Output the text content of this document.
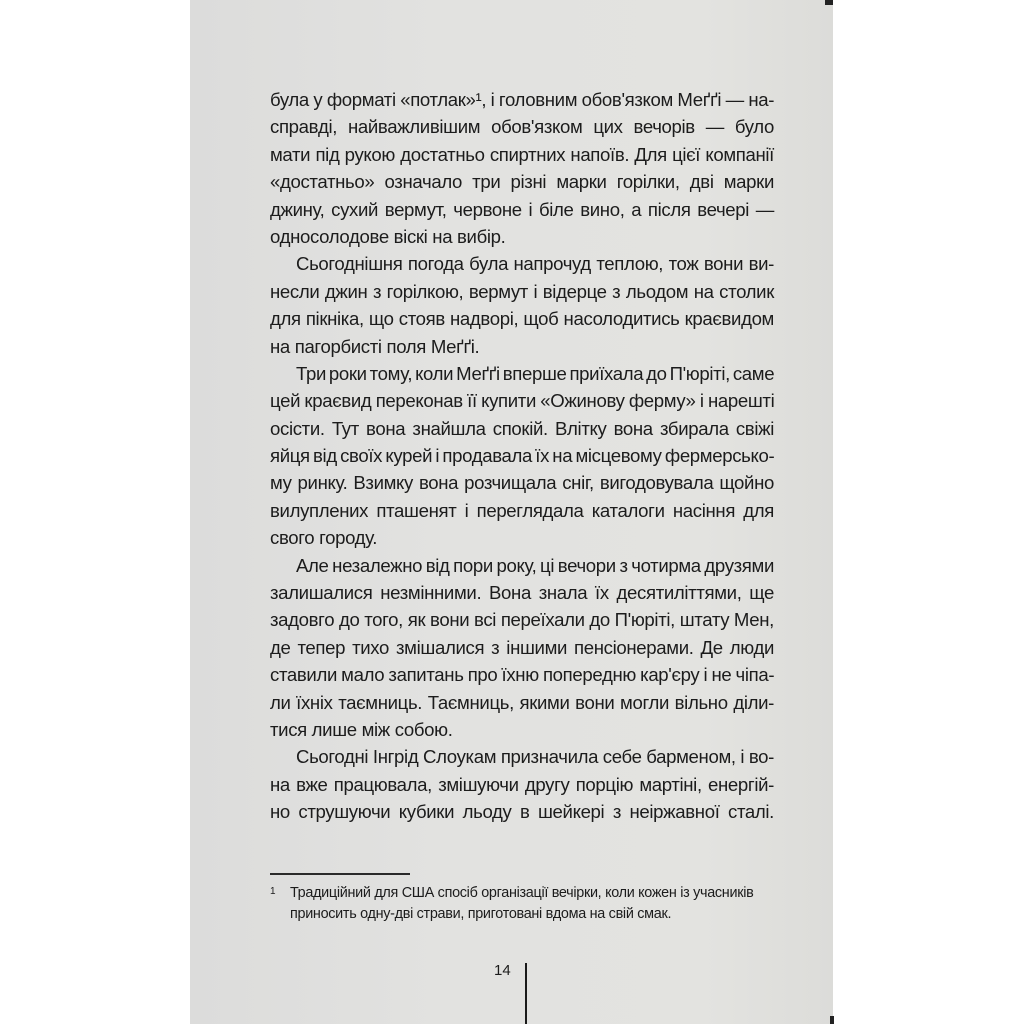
була у форматі «потлак»¹, і головним обов'язком Меґґі — на-
справді, найважливішим обов'язком цих вечорів — було
мати під рукою достатньо спиртних напоїв. Для цієї компанії
«достатньо» означало три різні марки горілки, дві марки
джину, сухий вермут, червоне і біле вино, а після вечері —
односолодове віскі на вибір.

Сьогоднішня погода була напрочуд теплою, тож вони ви-
несли джин з горілкою, вермут і відерце з льодом на столик
для пікніка, що стояв надворі, щоб насолодитись краєвидом
на пагорбисті поля Меґґі.

Три роки тому, коли Меґґі вперше приїхала до П'юріті, саме
цей краєвид переконав її купити «Ожинову ферму» і нарешті
осісти. Тут вона знайшла спокій. Влітку вона збирала свіжі
яйця від своїх курей і продавала їх на місцевому фермерсько-
му ринку. Взимку вона розчищала сніг, вигодовувала щойно
вилуплених пташенят і переглядала каталоги насіння для
свого городу.

Але незалежно від пори року, ці вечори з чотирма друзями
залишалися незмінними. Вона знала їх десятиліттями, ще
задовго до того, як вони всі переїхали до П'юріті, штату Мен,
де тепер тихо змішалися з іншими пенсіонерами. Де люди
ставили мало запитань про їхню попередню кар'єру і не чіпа-
ли їхніх таємниць. Таємниць, якими вони могли вільно діли-
тися лише між собою.

Сьогодні Інгрід Слоукам призначила себе барменом, і во-
на вже працювала, змішуючи другу порцію мартіні, енергій-
но струшуючи кубики льоду в шейкері з неіржавної сталі.

1 Традиційний для США спосіб організації вечірки, коли кожен із учасників
приносить одну-дві страви, приготовані вдома на свій смак.
14
